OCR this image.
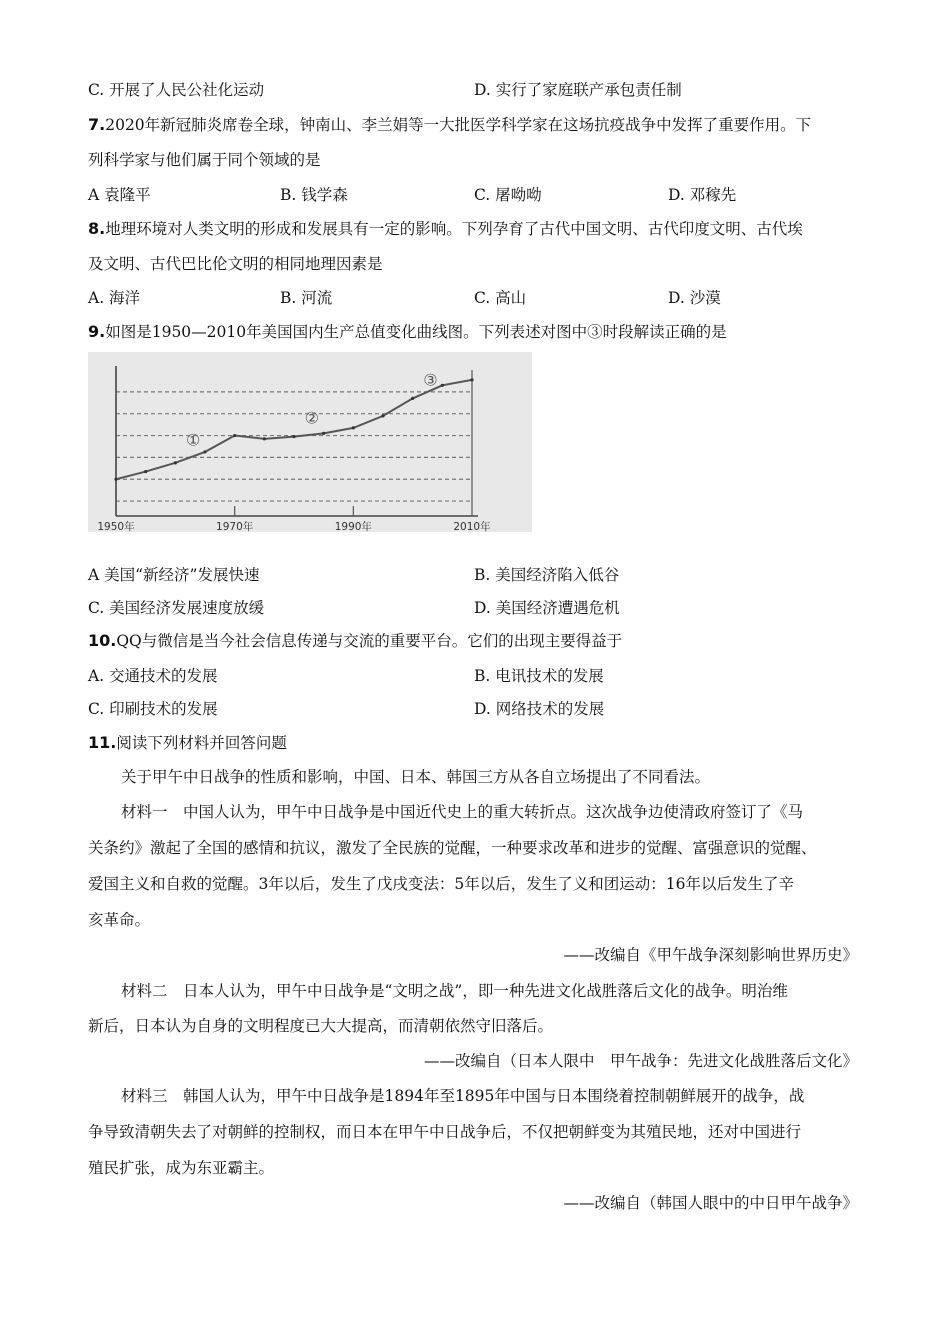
C. 开展了人民公社化运动	D. 实行了家庭联产承包责任制
7.2020年新冠肺炎席卷全球，钟南山、李兰娟等一大批医学科学家在这场抗疫战争中发挥了重要作用。下
列科学家与他们属于同个领域的是
A 袁隆平	B. 钱学森	C. 屠呦呦	D. 邓稼先
8.地理环境对人类文明的形成和发展具有一定的影响。下列孕育了古代中国文明、古代印度文明、古代埃
及文明、古代巴比伦文明的相同地理因素是
A. 海洋	B. 河流	C. 高山	D. 沙漠
9.如图是1950—2010年美国国内生产总值变化曲线图。下列表述对图中③时段解读正确的是
①
②
③
1950年	1970年	1990年	2010年
A 美国“新经济”发展快速	B. 美国经济陷入低谷
C. 美国经济发展速度放缓	D. 美国经济遭遇危机
10.QQ与微信是当今社会信息传递与交流的重要平台。它们的出现主要得益于
A. 交通技术的发展	B. 电讯技术的发展
C. 印刷技术的发展	D. 网络技术的发展
11.阅读下列材料并回答问题
关于甲午中日战争的性质和影响，中国、日本、韩国三方从各自立场提出了不同看法。
材料一　中国人认为，甲午中日战争是中国近代史上的重大转折点。这次战争边使清政府签订了《马
关条约》激起了全国的感情和抗议，激发了全民族的觉醒，一种要求改革和进步的觉醒、富强意识的觉醒、
爱国主义和自救的觉醒。3年以后，发生了戊戌变法：5年以后，发生了义和团运动：16年以后发生了辛
亥革命。
——改编自《甲午战争深刻影响世界历史》
材料二　日本人认为，甲午中日战争是“文明之战”，即一种先进文化战胜落后文化的战争。明治维
新后，日本认为自身的文明程度已大大提高，而清朝依然守旧落后。
——改编自（日本人限中　甲午战争：先进文化战胜落后文化》
材料三　韩国人认为，甲午中日战争是1894年至1895年中国与日本围绕着控制朝鲜展开的战争，战
争导致清朝失去了对朝鲜的控制权，而日本在甲午中日战争后，不仅把朝鲜变为其殖民地，还对中国进行
殖民扩张，成为东亚霸主。
——改编自（韩国人眼中的中日甲午战争》
